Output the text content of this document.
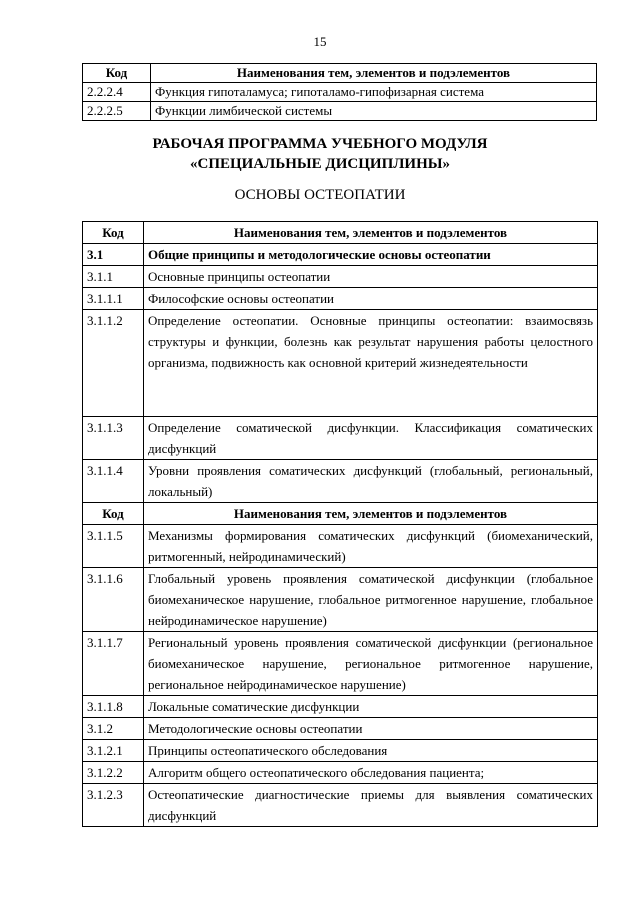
15
Код	Наименования тем, элементов и подэлементов
2.2.2.4	Функция гипоталамуса; гипоталамо-гипофизарная система
2.2.2.5	Функции лимбической системы
РАБОЧАЯ ПРОГРАММА УЧЕБНОГО МОДУЛЯ
«СПЕЦИАЛЬНЫЕ ДИСЦИПЛИНЫ»
ОСНОВЫ ОСТЕОПАТИИ
Код	Наименования тем, элементов и подэлементов
3.1	Общие принципы и методологические основы остеопатии
3.1.1	Основные принципы остеопатии
3.1.1.1	Философские основы остеопатии
3.1.1.2	Определение остеопатии. Основные принципы остеопатии: взаимосвязь структуры и функции, болезнь как результат нарушения работы целостного организма, подвижность как основной критерий жизнедеятельности
3.1.1.3	Определение соматической дисфункции. Классификация соматических дисфункций
3.1.1.4	Уровни проявления соматических дисфункций (глобальный, региональный, локальный)
Код	Наименования тем, элементов и подэлементов
3.1.1.5	Механизмы формирования соматических дисфункций (биомеханический, ритмогенный, нейродинамический)
3.1.1.6	Глобальный уровень проявления соматической дисфункции (глобальное биомеханическое нарушение, глобальное ритмогенное нарушение, глобальное нейродинамическое нарушение)
3.1.1.7	Региональный уровень проявления соматической дисфункции (региональное биомеханическое нарушение, региональное ритмогенное нарушение, региональное нейродинамическое нарушение)
3.1.1.8	Локальные соматические дисфункции
3.1.2	Методологические основы остеопатии
3.1.2.1	Принципы остеопатического обследования
3.1.2.2	Алгоритм общего остеопатического обследования пациента;
3.1.2.3	Остеопатические диагностические приемы для выявления соматических дисфункций
